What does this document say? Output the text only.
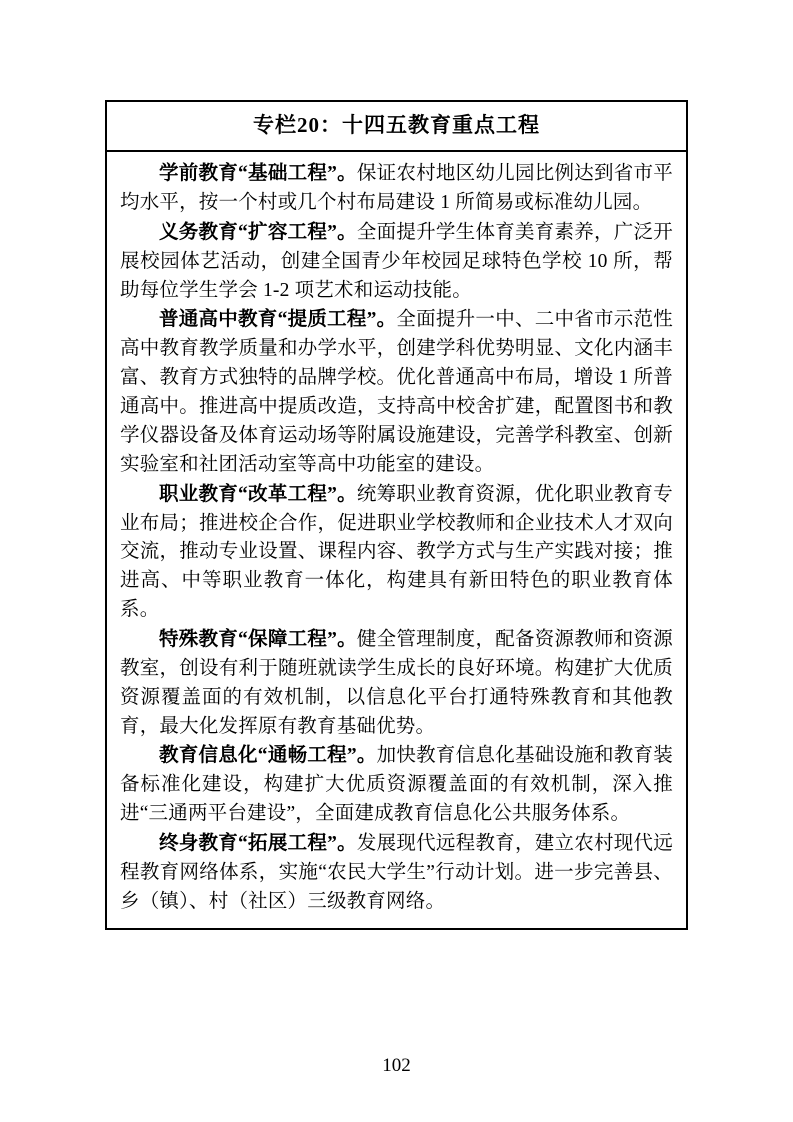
专栏20：十四五教育重点工程

学前教育“基础工程”。保证农村地区幼儿园比例达到省市平均水平，按一个村或几个村布局建设 1 所简易或标准幼儿园。

义务教育“扩容工程”。全面提升学生体育美育素养，广泛开展校园体艺活动，创建全国青少年校园足球特色学校 10 所，帮助每位学生学会 1-2 项艺术和运动技能。

普通高中教育“提质工程”。全面提升一中、二中省市示范性高中教育教学质量和办学水平，创建学科优势明显、文化内涵丰富、教育方式独特的品牌学校。优化普通高中布局，增设 1 所普通高中。推进高中提质改造，支持高中校舍扩建，配置图书和教学仪器设备及体育运动场等附属设施建设，完善学科教室、创新实验室和社团活动室等高中功能室的建设。

职业教育“改革工程”。统筹职业教育资源，优化职业教育专业布局；推进校企合作，促进职业学校教师和企业技术人才双向交流，推动专业设置、课程内容、教学方式与生产实践对接；推进高、中等职业教育一体化，构建具有新田特色的职业教育体系。

特殊教育“保障工程”。健全管理制度，配备资源教师和资源教室，创设有利于随班就读学生成长的良好环境。构建扩大优质资源覆盖面的有效机制，以信息化平台打通特殊教育和其他教育，最大化发挥原有教育基础优势。

教育信息化“通畅工程”。加快教育信息化基础设施和教育装备标准化建设，构建扩大优质资源覆盖面的有效机制，深入推进“三通两平台建设”，全面建成教育信息化公共服务体系。

终身教育“拓展工程”。发展现代远程教育，建立农村现代远程教育网络体系，实施“农民大学生”行动计划。进一步完善县、乡（镇）、村（社区）三级教育网络。

102
